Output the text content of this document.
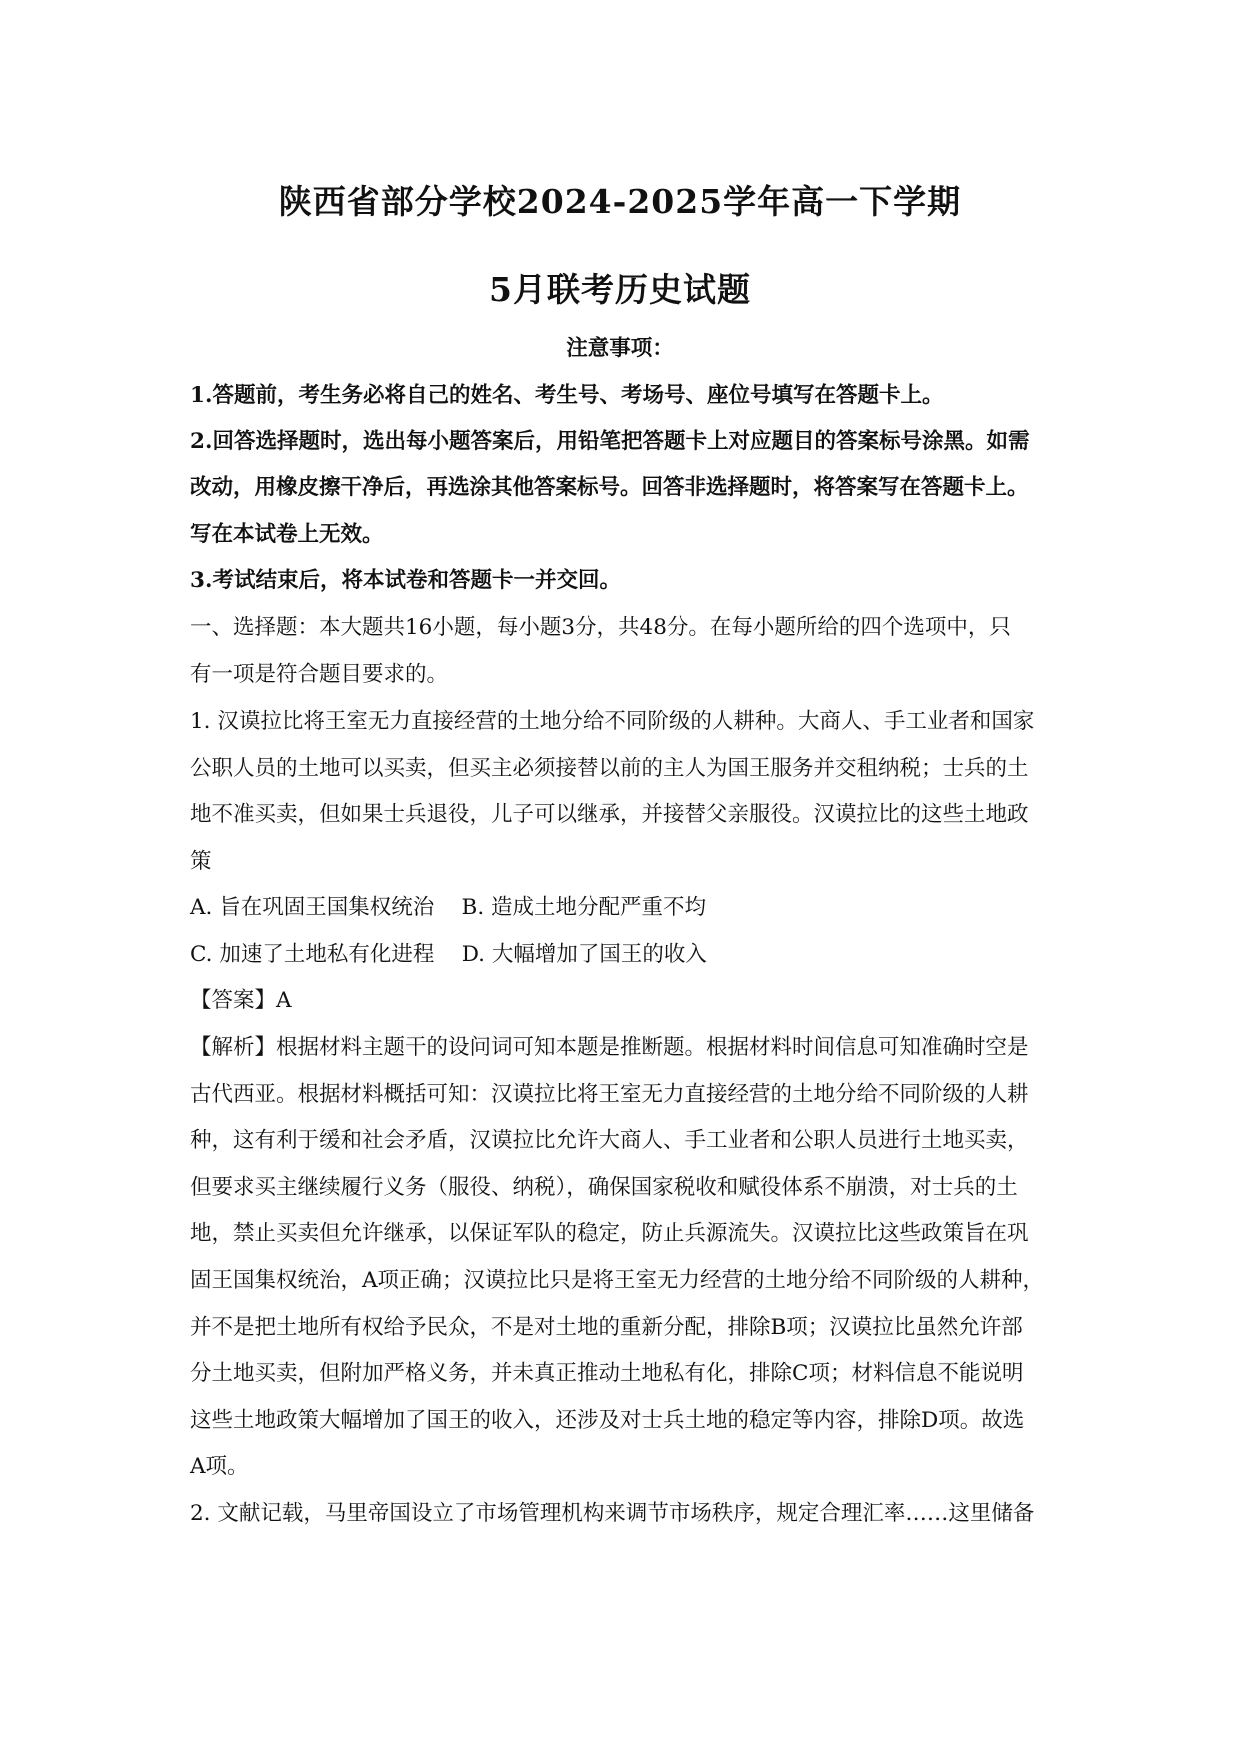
陕西省部分学校2024-2025学年高一下学期
5月联考历史试题
注意事项：
1.答题前，考生务必将自己的姓名、考生号、考场号、座位号填写在答题卡上。
2.回答选择题时，选出每小题答案后，用铅笔把答题卡上对应题目的答案标号涂黑。如需
改动，用橡皮擦干净后，再选涂其他答案标号。回答非选择题时，将答案写在答题卡上。
写在本试卷上无效。
3.考试结束后，将本试卷和答题卡一并交回。
一、选择题：本大题共16小题，每小题3分，共48分。在每小题所给的四个选项中，只
有一项是符合题目要求的。
1. 汉谟拉比将王室无力直接经营的土地分给不同阶级的人耕种。大商人、手工业者和国家
公职人员的土地可以买卖，但买主必须接替以前的主人为国王服务并交租纳税；士兵的土
地不准买卖，但如果士兵退役，儿子可以继承，并接替父亲服役。汉谟拉比的这些土地政
策
A. 旨在巩固王国集权统治    B. 造成土地分配严重不均
C. 加速了土地私有化进程    D. 大幅增加了国王的收入
【答案】A
【解析】根据材料主题干的设问词可知本题是推断题。根据材料时间信息可知准确时空是
古代西亚。根据材料概括可知：汉谟拉比将王室无力直接经营的土地分给不同阶级的人耕
种，这有利于缓和社会矛盾，汉谟拉比允许大商人、手工业者和公职人员进行土地买卖，
但要求买主继续履行义务（服役、纳税），确保国家税收和赋役体系不崩溃，对士兵的土
地，禁止买卖但允许继承，以保证军队的稳定，防止兵源流失。汉谟拉比这些政策旨在巩
固王国集权统治，A项正确；汉谟拉比只是将王室无力经营的土地分给不同阶级的人耕种，
并不是把土地所有权给予民众，不是对土地的重新分配，排除B项；汉谟拉比虽然允许部
分土地买卖，但附加严格义务，并未真正推动土地私有化，排除C项；材料信息不能说明
这些土地政策大幅增加了国王的收入，还涉及对士兵土地的稳定等内容，排除D项。故选
A项。
2. 文献记载，马里帝国设立了市场管理机构来调节市场秩序，规定合理汇率……这里储备
